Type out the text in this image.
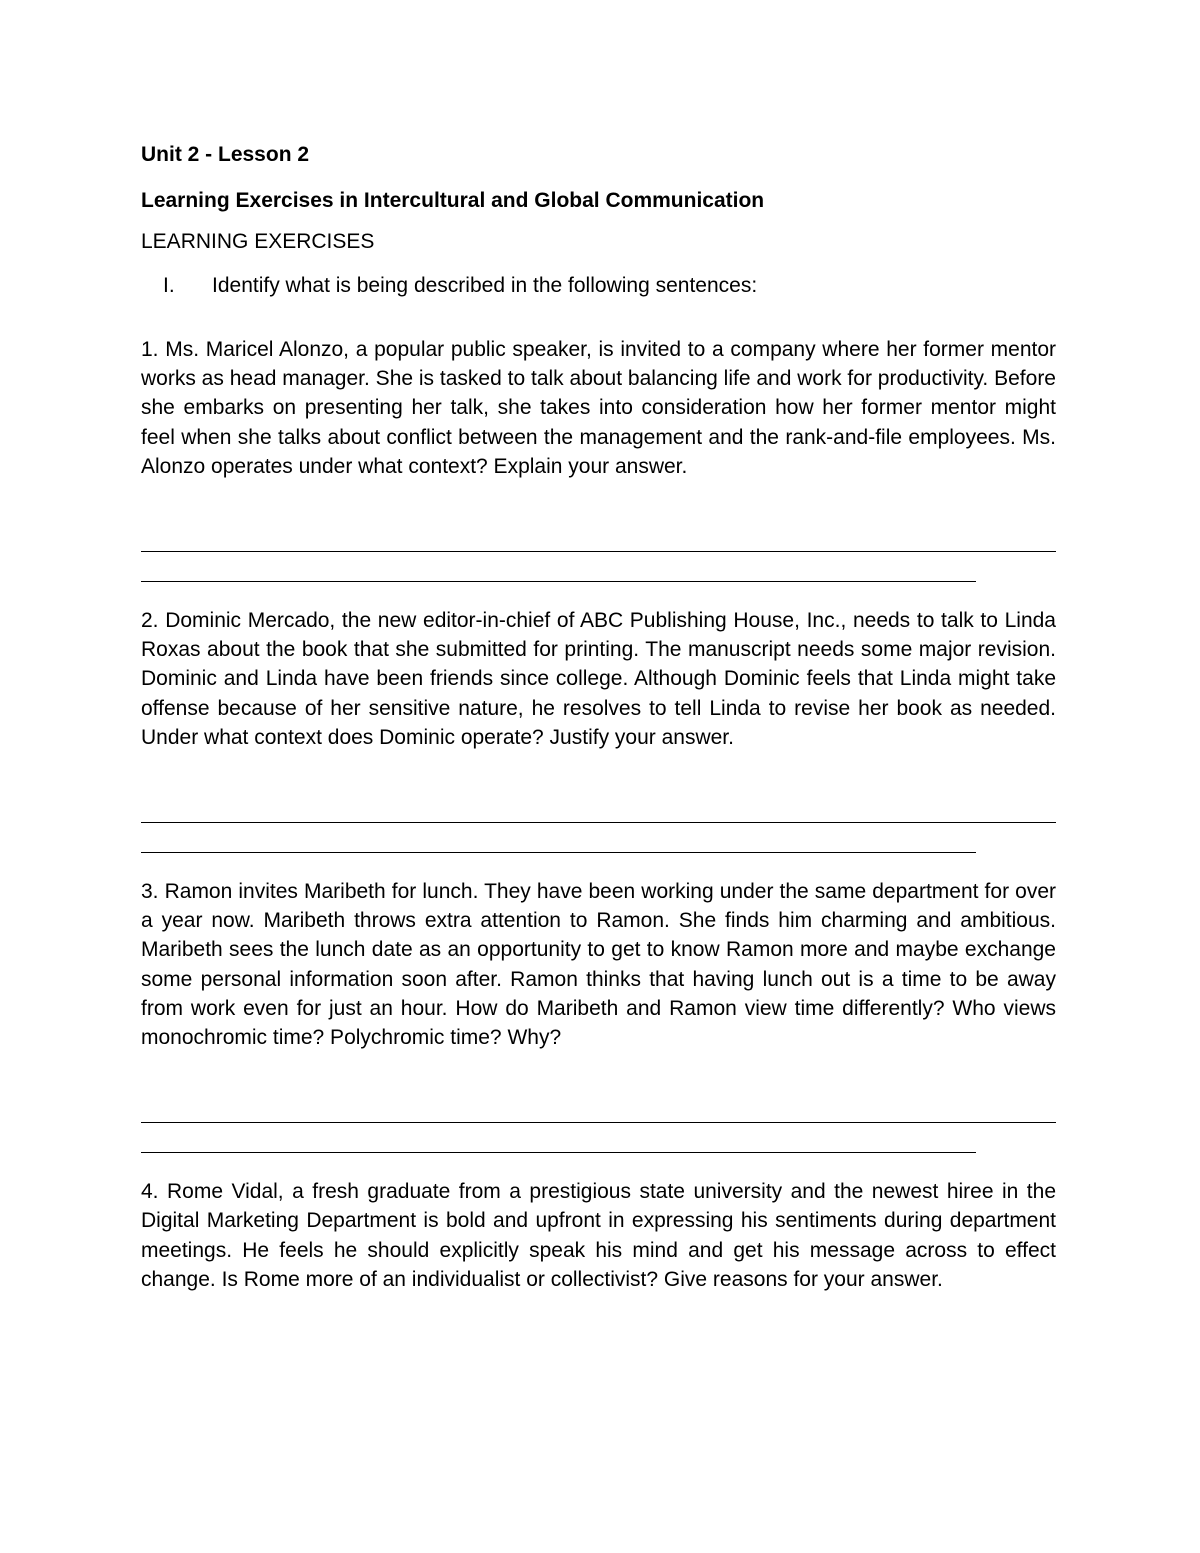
Unit 2 - Lesson 2

Learning Exercises in Intercultural and Global Communication

LEARNING EXERCISES

I. Identify what is being described in the following sentences:

1. Ms. Maricel Alonzo, a popular public speaker, is invited to a company where her former mentor works as head manager. She is tasked to talk about balancing life and work for productivity. Before she embarks on presenting her talk, she takes into consideration how her former mentor might feel when she talks about conflict between the management and the rank-and-file employees. Ms. Alonzo operates under what context? Explain your answer.

2. Dominic Mercado, the new editor-in-chief of ABC Publishing House, Inc., needs to talk to Linda Roxas about the book that she submitted for printing. The manuscript needs some major revision. Dominic and Linda have been friends since college. Although Dominic feels that Linda might take offense because of her sensitive nature, he resolves to tell Linda to revise her book as needed. Under what context does Dominic operate? Justify your answer.

3. Ramon invites Maribeth for lunch. They have been working under the same department for over a year now. Maribeth throws extra attention to Ramon. She finds him charming and ambitious. Maribeth sees the lunch date as an opportunity to get to know Ramon more and maybe exchange some personal information soon after. Ramon thinks that having lunch out is a time to be away from work even for just an hour. How do Maribeth and Ramon view time differently? Who views monochromic time? Polychromic time? Why?

4. Rome Vidal, a fresh graduate from a prestigious state university and the newest hiree in the Digital Marketing Department is bold and upfront in expressing his sentiments during department meetings. He feels he should explicitly speak his mind and get his message across to effect change. Is Rome more of an individualist or collectivist? Give reasons for your answer.
